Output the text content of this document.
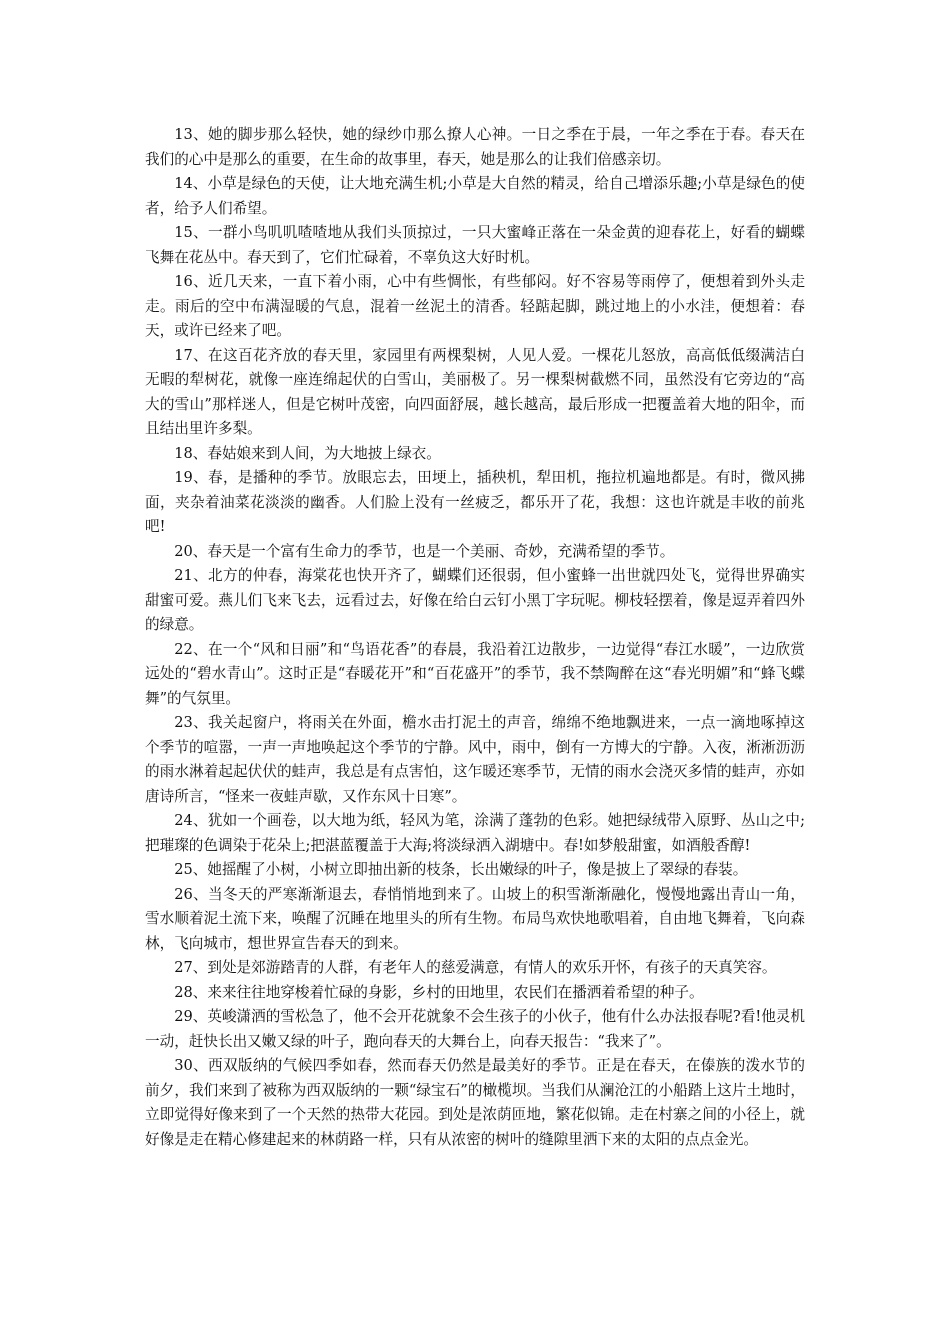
13、她的脚步那么轻快，她的绿纱巾那么撩人心神。一日之季在于晨，一年之季在于春。春天在我们的心中是那么的重要，在生命的故事里，春天，她是那么的让我们倍感亲切。

14、小草是绿色的天使，让大地充满生机;小草是大自然的精灵，给自己增添乐趣;小草是绿色的使者，给予人们希望。

15、一群小鸟叽叽喳喳地从我们头顶掠过，一只大蜜峰正落在一朵金黄的迎春花上，好看的蝴蝶飞舞在花丛中。春天到了，它们忙碌着，不辜负这大好时机。

16、近几天来，一直下着小雨，心中有些惆怅，有些郁闷。好不容易等雨停了，便想着到外头走走。雨后的空中布满湿暖的气息，混着一丝泥土的清香。轻踮起脚，跳过地上的小水洼，便想着：春天，或许已经来了吧。

17、在这百花齐放的春天里，家园里有两棵梨树，人见人爱。一棵花儿怒放，高高低低缀满洁白无暇的犁树花，就像一座连绵起伏的白雪山，美丽极了。另一棵梨树截燃不同，虽然没有它旁边的“高大的雪山”那样迷人，但是它树叶茂密，向四面舒展，越长越高，最后形成一把覆盖着大地的阳伞，而且结出里许多梨。

18、春姑娘来到人间，为大地披上绿衣。

19、春，是播种的季节。放眼忘去，田埂上，插秧机，犁田机，拖拉机遍地都是。有时，微风拂面，夹杂着油菜花淡淡的幽香。人们脸上没有一丝疲乏，都乐开了花，我想：这也许就是丰收的前兆吧!

20、春天是一个富有生命力的季节，也是一个美丽、奇妙，充满希望的季节。

21、北方的仲春，海棠花也快开齐了，蝴蝶们还很弱，但小蜜蜂一出世就四处飞，觉得世界确实甜蜜可爱。燕儿们飞来飞去，远看过去，好像在给白云钉小黑丁字玩呢。柳枝轻摆着，像是逗弄着四外的绿意。

22、在一个“风和日丽”和“鸟语花香”的春晨，我沿着江边散步，一边觉得“春江水暖”，一边欣赏远处的“碧水青山”。这时正是“春暖花开”和“百花盛开”的季节，我不禁陶醉在这“春光明媚”和“蜂飞蝶舞”的气氛里。

23、我关起窗户，将雨关在外面，檐水击打泥土的声音，绵绵不绝地飘进来，一点一滴地啄掉这个季节的喧嚣，一声一声地唤起这个季节的宁静。风中，雨中，倒有一方博大的宁静。入夜，淅淅沥沥的雨水淋着起起伏伏的蛙声，我总是有点害怕，这乍暖还寒季节，无情的雨水会浇灭多情的蛙声，亦如唐诗所言，“怪来一夜蛙声歇，又作东风十日寒”。

24、犹如一个画卷，以大地为纸，轻风为笔，涂满了蓬勃的色彩。她把绿绒带入原野、丛山之中;把璀璨的色调染于花朵上;把湛蓝覆盖于大海;将淡绿洒入湖塘中。春!如梦般甜蜜，如酒般香醇!

25、她摇醒了小树，小树立即抽出新的枝条，长出嫩绿的叶子，像是披上了翠绿的春装。

26、当冬天的严寒渐渐退去，春悄悄地到来了。山坡上的积雪渐渐融化，慢慢地露出青山一角，雪水顺着泥土流下来，唤醒了沉睡在地里头的所有生物。布局鸟欢快地歌唱着，自由地飞舞着，飞向森林，飞向城市，想世界宣告春天的到来。

27、到处是郊游踏青的人群，有老年人的慈爱满意，有情人的欢乐开怀，有孩子的天真笑容。

28、来来往往地穿梭着忙碌的身影，乡村的田地里，农民们在播洒着希望的种子。

29、英峻潇洒的雪松急了，他不会开花就象不会生孩子的小伙子，他有什么办法报春呢?看!他灵机一动，赶快长出又嫩又绿的叶子，跑向春天的大舞台上，向春天报告：“我来了”。

30、西双版纳的气候四季如春，然而春天仍然是最美好的季节。正是在春天，在傣族的泼水节的前夕，我们来到了被称为西双版纳的一颗“绿宝石”的橄榄坝。当我们从澜沧江的小船踏上这片土地时，立即觉得好像来到了一个天然的热带大花园。到处是浓荫匝地，繁花似锦。走在村寨之间的小径上，就好像是走在精心修建起来的林荫路一样，只有从浓密的树叶的缝隙里洒下来的太阳的点点金光。
